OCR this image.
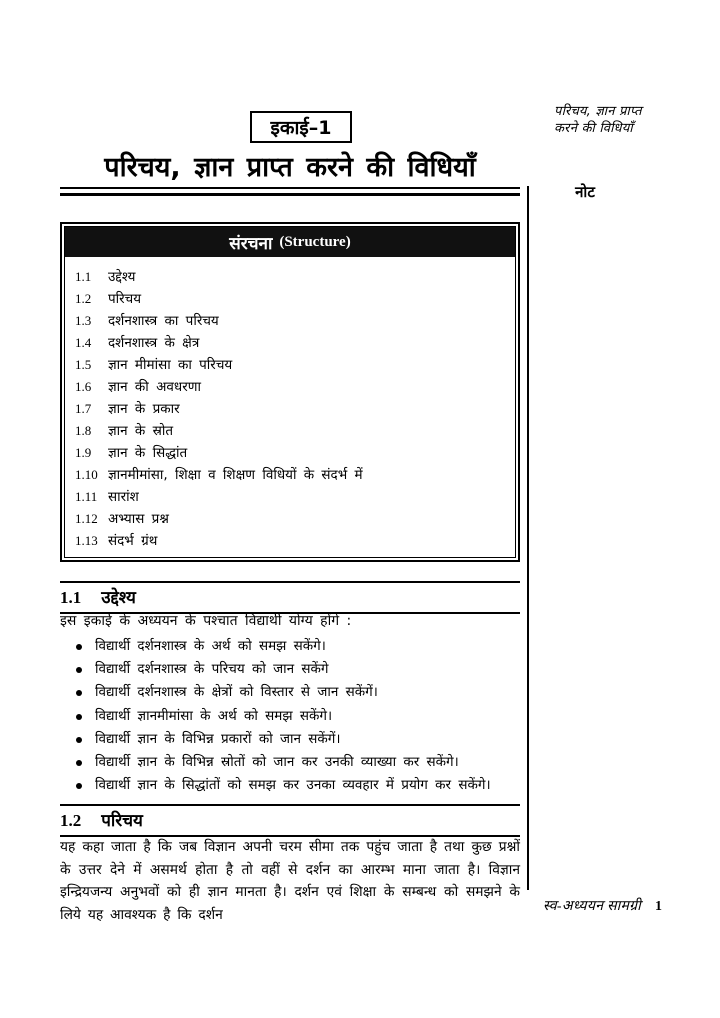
इकाई–1
परिचय, ज्ञान प्राप्त
करने की विधियाँ
परिचय, ज्ञान प्राप्त करने की विधियाँ
नोट
संरचना (Structure)
1.1	उद्देश्य
1.2	परिचय
1.3	दर्शनशास्त्र का परिचय
1.4	दर्शनशास्त्र के क्षेत्र
1.5	ज्ञान मीमांसा का परिचय
1.6	ज्ञान की अवधरणा
1.7	ज्ञान के प्रकार
1.8	ज्ञान के स्रोत
1.9	ज्ञान के सिद्धांत
1.10 ज्ञानमीमांसा, शिक्षा व शिक्षण विधियों के संदर्भ में
1.11 सारांश
1.12 अभ्यास प्रश्न
1.13 संदर्भ ग्रंथ
1.1 उद्देश्य
इस इकाई के अध्ययन के पश्चात विद्यार्थी योग्य होंगे :
विद्यार्थी दर्शनशास्त्र के अर्थ को समझ सकेंगे।
विद्यार्थी दर्शनशास्त्र के परिचय को जान सकेंगे
विद्यार्थी दर्शनशास्त्र के क्षेत्रों को विस्तार से जान सकेंगें।
विद्यार्थी ज्ञानमीमांसा के अर्थ को समझ सकेंगे।
विद्यार्थी ज्ञान के विभिन्न प्रकारों को जान सकेंगें।
विद्यार्थी ज्ञान के विभिन्न स्रोतों को जान कर उनकी व्याख्या कर सकेंगे।
विद्यार्थी ज्ञान के सिद्धांतों को समझ कर उनका व्यवहार में प्रयोग कर सकेंगे।
1.2 परिचय
यह कहा जाता है कि जब विज्ञान अपनी चरम सीमा तक पहुंच जाता है तथा कुछ प्रश्नों के उत्तर देने में असमर्थ होता है तो वहीं से दर्शन का आरम्भ माना जाता है। विज्ञान इन्द्रियजन्य अनुभवों को ही ज्ञान मानता है। दर्शन एवं शिक्षा के सम्बन्ध को समझने के लिये यह आवश्यक है कि दर्शन	स्व-अध्ययन सामग्री 1
